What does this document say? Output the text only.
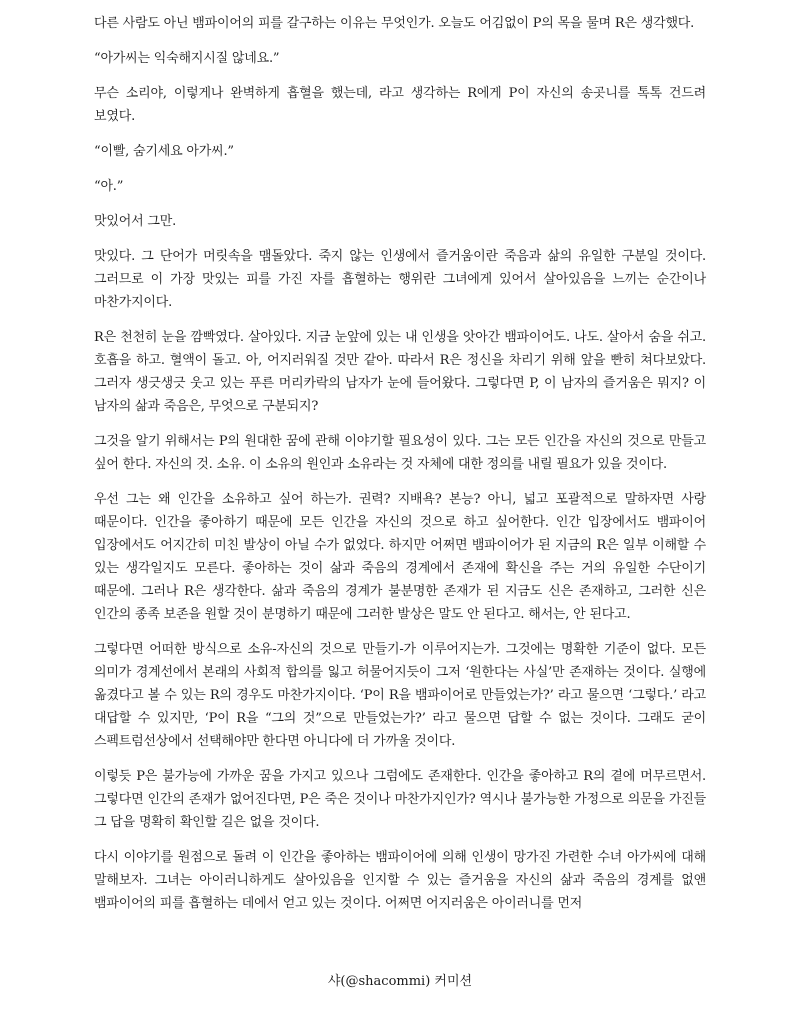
다른 사람도 아닌 뱀파이어의 피를 갈구하는 이유는 무엇인가. 오늘도 어김없이 P의 목을 물며 R은 생각했다.

“아가씨는 익숙해지시질 않네요.”

무슨 소리야, 이렇게나 완벽하게 흡혈을 했는데, 라고 생각하는 R에게 P이 자신의 송곳니를 톡톡 건드려 보였다.

“이빨, 숨기세요 아가씨.”

“아.”

맛있어서 그만.

맛있다. 그 단어가 머릿속을 맴돌았다. 죽지 않는 인생에서 즐거움이란 죽음과 삶의 유일한 구분일 것이다. 그러므로 이 가장 맛있는 피를 가진 자를 흡혈하는 행위란 그녀에게 있어서 살아있음을 느끼는 순간이나 마찬가지이다.

R은 천천히 눈을 깜빡였다. 살아있다. 지금 눈앞에 있는 내 인생을 앗아간 뱀파이어도. 나도. 살아서 숨을 쉬고. 호흡을 하고. 혈액이 돌고. 아, 어지러워질 것만 같아. 따라서 R은 정신을 차리기 위해 앞을 빤히 쳐다보았다. 그러자 생긋생긋 웃고 있는 푸른 머리카락의 남자가 눈에 들어왔다. 그렇다면 P, 이 남자의 즐거움은 뭐지? 이 남자의 삶과 죽음은, 무엇으로 구분되지?

그것을 알기 위해서는 P의 원대한 꿈에 관해 이야기할 필요성이 있다. 그는 모든 인간을 자신의 것으로 만들고 싶어 한다. 자신의 것. 소유. 이 소유의 원인과 소유라는 것 자체에 대한 정의를 내릴 필요가 있을 것이다.

우선 그는 왜 인간을 소유하고 싶어 하는가. 권력? 지배욕? 본능? 아니, 넓고 포괄적으로 말하자면 사랑 때문이다. 인간을 좋아하기 때문에 모든 인간을 자신의 것으로 하고 싶어한다. 인간 입장에서도 뱀파이어 입장에서도 어지간히 미친 발상이 아닐 수가 없었다. 하지만 어쩌면 뱀파이어가 된 지금의 R은 일부 이해할 수 있는 생각일지도 모른다. 좋아하는 것이 삶과 죽음의 경계에서 존재에 확신을 주는 거의 유일한 수단이기 때문에. 그러나 R은 생각한다. 삶과 죽음의 경계가 불분명한 존재가 된 지금도 신은 존재하고, 그러한 신은 인간의 종족 보존을 원할 것이 분명하기 때문에 그러한 발상은 말도 안 된다고. 해서는, 안 된다고.

그렇다면 어떠한 방식으로 소유-자신의 것으로 만들기-가 이루어지는가. 그것에는 명확한 기준이 없다. 모든 의미가 경계선에서 본래의 사회적 합의를 잃고 허물어지듯이 그저 ‘원한다는 사실’만 존재하는 것이다. 실행에 옮겼다고 볼 수 있는 R의 경우도 마찬가지이다. ‘P이 R을 뱀파이어로 만들었는가?’ 라고 물으면 ‘그렇다.’ 라고 대답할 수 있지만, ‘P이 R을 “그의 것”으로 만들었는가?’ 라고 물으면 답할 수 없는 것이다. 그래도 굳이 스펙트럼선상에서 선택해야만 한다면 아니다에 더 가까울 것이다.

이렇듯 P은 불가능에 가까운 꿈을 가지고 있으나 그럼에도 존재한다. 인간을 좋아하고 R의 곁에 머무르면서. 그렇다면 인간의 존재가 없어진다면, P은 죽은 것이나 마찬가지인가? 역시나 불가능한 가정으로 의문을 가진들 그 답을 명확히 확인할 길은 없을 것이다.

다시 이야기를 원점으로 돌려 이 인간을 좋아하는 뱀파이어에 의해 인생이 망가진 가련한 수녀 아가씨에 대해 말해보자. 그녀는 아이러니하게도 살아있음을 인지할 수 있는 즐거움을 자신의 삶과 죽음의 경계를 없앤 뱀파이어의 피를 흡혈하는 데에서 얻고 있는 것이다. 어쩌면 어지러움은 아이러니를 먼저

샤(@shacommi) 커미션
